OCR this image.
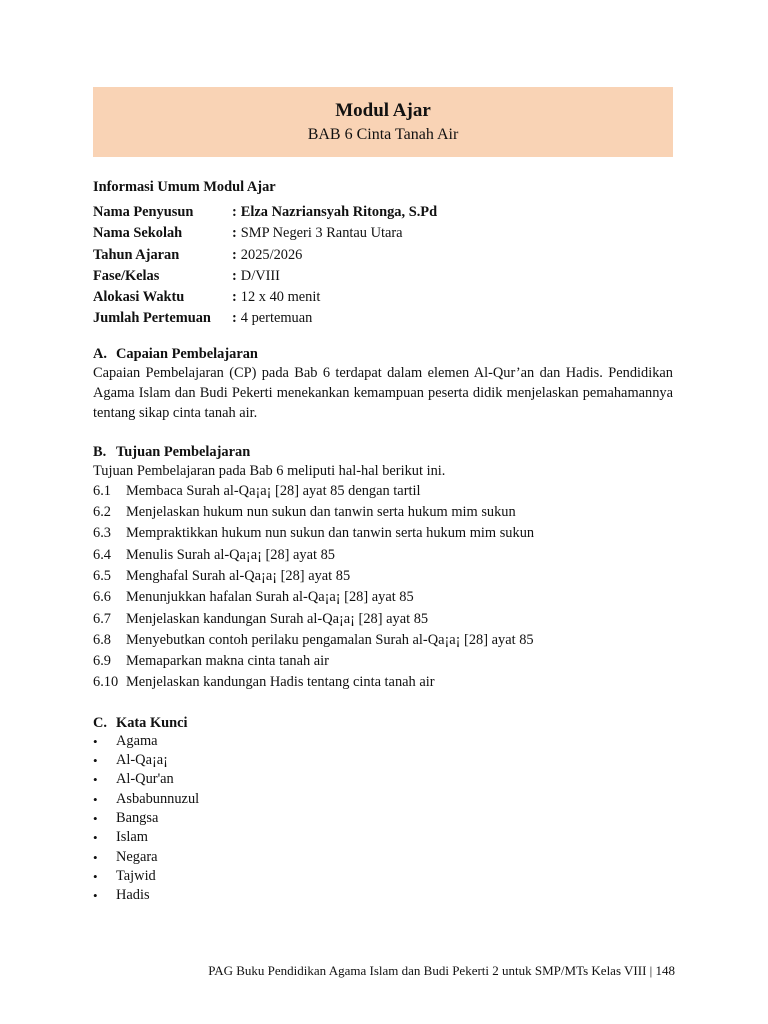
Modul Ajar
BAB 6 Cinta Tanah Air
Informasi Umum Modul Ajar
Nama Penyusun	: Elza Nazriansyah Ritonga, S.Pd
Nama Sekolah	: SMP Negeri 3 Rantau Utara
Tahun Ajaran	: 2025/2026
Fase/Kelas	: D/VIII
Alokasi Waktu	: 12 x 40 menit
Jumlah Pertemuan	: 4 pertemuan
A. Capaian Pembelajaran
Capaian Pembelajaran (CP) pada Bab 6 terdapat dalam elemen Al-Qur’an dan Hadis. Pendidikan Agama Islam dan Budi Pekerti menekankan kemampuan peserta didik menjelaskan pemahamannya tentang sikap cinta tanah air.
B. Tujuan Pembelajaran
Tujuan Pembelajaran pada Bab 6 meliputi hal-hal berikut ini.
6.1	Membaca Surah al-Qa¡a¡ [28] ayat 85 dengan tartil
6.2	Menjelaskan hukum nun sukun dan tanwin serta hukum mim sukun
6.3	Mempraktikkan hukum nun sukun dan tanwin serta hukum mim sukun
6.4	Menulis Surah al-Qa¡a¡ [28] ayat 85
6.5	Menghafal Surah al-Qa¡a¡ [28] ayat 85
6.6	Menunjukkan hafalan Surah al-Qa¡a¡ [28] ayat 85
6.7	Menjelaskan kandungan Surah al-Qa¡a¡ [28] ayat 85
6.8	Menyebutkan contoh perilaku pengamalan Surah al-Qa¡a¡ [28] ayat 85
6.9	Memaparkan makna cinta tanah air
6.10 Menjelaskan kandungan Hadis tentang cinta tanah air
C. Kata Kunci
•	Agama
•	Al-Qa¡a¡
•	Al-Qur'an
•	Asbabunnuzul
•	Bangsa
•	Islam
•	Negara
•	Tajwid
•	Hadis
PAG Buku Pendidikan Agama Islam dan Budi Pekerti 2 untuk SMP/MTs Kelas VIII | 148
